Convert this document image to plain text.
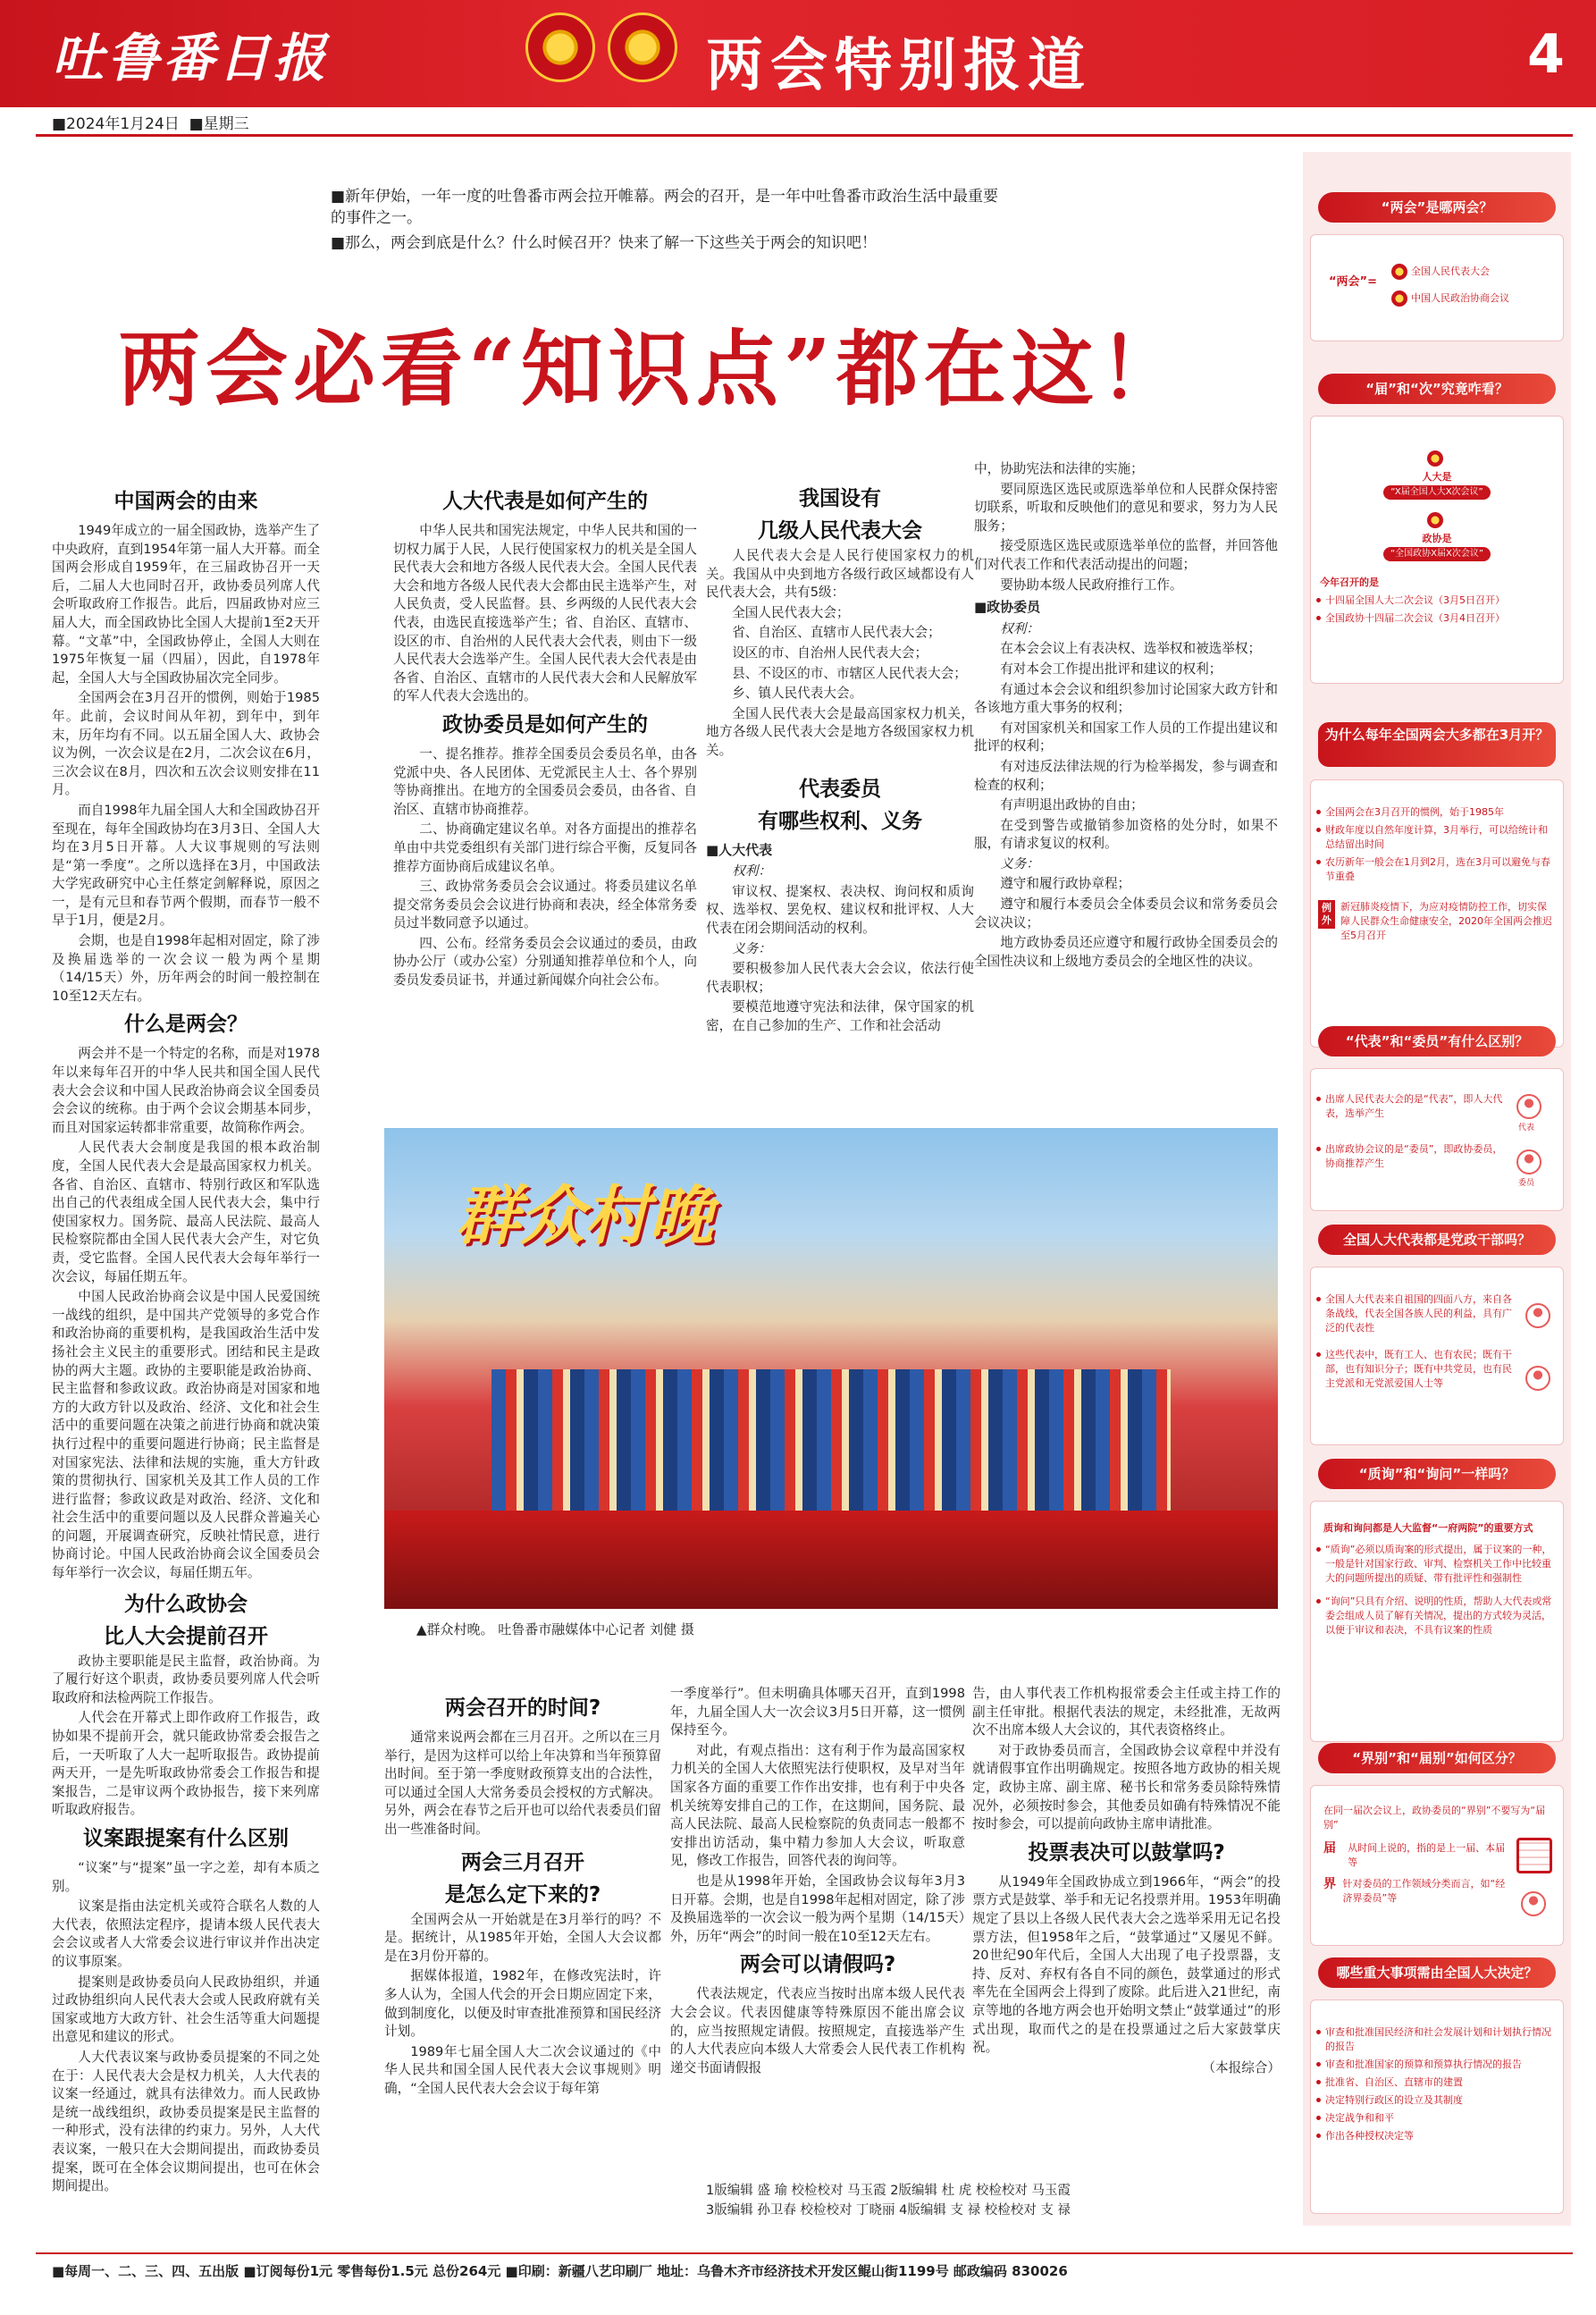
吐鲁番日报	两会特别报道	4
■2024年1月24日 ■星期三

■新年伊始，一年一度的吐鲁番市两会拉开帷幕。两会的召开，是一年中吐鲁番市政治生活中最重要的事件之一。

■那么，两会到底是什么？什么时候召开？快来了解一下这些关于两会的知识吧！

两会必看“知识点”都在这！
中国两会的由来

1949年成立的一届全国政协，选举产生了中央政府，直到1954年第一届人大开幕。而全国两会形成自1959年，在三届政协召开一天后，二届人大也同时召开，政协委员列席人代会听取政府工作报告。此后，四届政协对应三届人大，而全国政协比全国人大提前1至2天开幕。“文革”中，全国政协停止，全国人大则在1975年恢复一届（四届），因此，自1978年起，全国人大与全国政协届次完全同步。

全国两会在3月召开的惯例，则始于1985年。此前，会议时间从年初，到年中，到年末，历年均有不同。以五届全国人大、政协会议为例，一次会议是在2月，二次会议在6月，三次会议在8月，四次和五次会议则安排在11月。

而自1998年九届全国人大和全国政协召开至现在，每年全国政协均在3月3日、全国人大均在3月5日开幕。人大议事规则的写法则是“第一季度”。之所以选择在3月，中国政法大学宪政研究中心主任蔡定剑解释说，原因之一，是有元旦和春节两个假期，而春节一般不早于1月，便是2月。

会期，也是自1998年起相对固定，除了涉及换届选举的一次会议一般为两个星期（14/15天）外，历年两会的时间一般控制在10至12天左右。

什么是两会？

两会并不是一个特定的名称，而是对1978年以来每年召开的中华人民共和国全国人民代表大会会议和中国人民政治协商会议全国委员会会议的统称。由于两个会议会期基本同步，而且对国家运转都非常重要，故简称作两会。

人民代表大会制度是我国的根本政治制度，全国人民代表大会是最高国家权力机关。各省、自治区、直辖市、特别行政区和军队选出自己的代表组成全国人民代表大会，集中行使国家权力。国务院、最高人民法院、最高人民检察院都由全国人民代表大会产生，对它负责，受它监督。全国人民代表大会每年举行一次会议，每届任期五年。

中国人民政治协商会议是中国人民爱国统一战线的组织，是中国共产党领导的多党合作和政治协商的重要机构，是我国政治生活中发扬社会主义民主的重要形式。团结和民主是政协的两大主题。政协的主要职能是政治协商、民主监督和参政议政。政治协商是对国家和地方的大政方针以及政治、经济、文化和社会生活中的重要问题在决策之前进行协商和就决策执行过程中的重要问题进行协商；民主监督是对国家宪法、法律和法规的实施，重大方针政策的贯彻执行、国家机关及其工作人员的工作进行监督；参政议政是对政治、经济、文化和社会生活中的重要问题以及人民群众普遍关心的问题，开展调查研究，反映社情民意，进行协商讨论。中国人民政治协商会议全国委员会每年举行一次会议，每届任期五年。

为什么政协会
比人大会提前召开

政协主要职能是民主监督，政治协商。为了履行好这个职责，政协委员要列席人代会听取政府和法检两院工作报告。

人代会在开幕式上即作政府工作报告，政协如果不提前开会，就只能政协常委会报告之后，一天听取了人大一起听取报告。政协提前两天开，一是先听取政协常委会工作报告和提案报告，二是审议两个政协报告，接下来列席听取政府报告。

议案跟提案有什么区别

“议案”与“提案”虽一字之差，却有本质之别。

议案是指由法定机关或符合联名人数的人大代表，依照法定程序，提请本级人民代表大会会议或者人大常委会议进行审议并作出决定的议事原案。

提案则是政协委员向人民政协组织，并通过政协组织向人民代表大会或人民政府就有关国家或地方大政方针、社会生活等重大问题提出意见和建议的形式。

人大代表议案与政协委员提案的不同之处在于：人民代表大会是权力机关，人大代表的议案一经通过，就具有法律效力。而人民政协是统一战线组织，政协委员提案是民主监督的一种形式，没有法律的约束力。另外，人大代表议案，一般只在大会期间提出，而政协委员提案，既可在全体会议期间提出，也可在休会期间提出。

人大代表是如何产生的

中华人民共和国宪法规定，中华人民共和国的一切权力属于人民，人民行使国家权力的机关是全国人民代表大会和地方各级人民代表大会。全国人民代表大会和地方各级人民代表大会都由民主选举产生，对人民负责，受人民监督。县、乡两级的人民代表大会代表，由选民直接选举产生；省、自治区、直辖市、设区的市、自治州的人民代表大会代表，则由下一级人民代表大会选举产生。全国人民代表大会代表是由各省、自治区、直辖市的人民代表大会和人民解放军的军人代表大会选出的。

政协委员是如何产生的

一、提名推荐。推荐全国委员会委员名单，由各党派中央、各人民团体、无党派民主人士、各个界别等协商推出。在地方的全国委员会委员，由各省、自治区、直辖市协商推荐。

二、协商确定建议名单。对各方面提出的推荐名单由中共党委组织有关部门进行综合平衡，反复同各推荐方面协商后成建议名单。

三、政协常务委员会会议通过。将委员建议名单提交常务委员会会议进行协商和表决，经全体常务委员过半数同意予以通过。

四、公布。经常务委员会会议通过的委员，由政协办公厅（或办公室）分别通知推荐单位和个人，向委员发委员证书，并通过新闻媒介向社会公布。

我国设有
几级人民代表大会

人民代表大会是人民行使国家权力的机关。我国从中央到地方各级行政区域都设有人民代表大会，共有5级：

全国人民代表大会；

省、自治区、直辖市人民代表大会；

设区的市、自治州人民代表大会；

县、不设区的市、市辖区人民代表大会；

乡、镇人民代表大会。

全国人民代表大会是最高国家权力机关，地方各级人民代表大会是地方各级国家权力机关。

代表委员
有哪些权利、义务
■人大代表

权利：

审议权、提案权、表决权、询问权和质询权、选举权、罢免权、建议权和批评权、人大代表在闭会期间活动的权利。

义务：

要积极参加人民代表大会会议，依法行使代表职权；

要模范地遵守宪法和法律，保守国家的机密，在自己参加的生产、工作和社会活动

中，协助宪法和法律的实施；

要同原选区选民或原选举单位和人民群众保持密切联系，听取和反映他们的意见和要求，努力为人民服务；

接受原选区选民或原选举单位的监督，并回答他们对代表工作和代表活动提出的问题；

要协助本级人民政府推行工作。

■政协委员

权利：

在本会会议上有表决权、选举权和被选举权；

有对本会工作提出批评和建议的权利；

有通过本会会议和组织参加讨论国家大政方针和各该地方重大事务的权利；

有对国家机关和国家工作人员的工作提出建议和批评的权利；

有对违反法律法规的行为检举揭发，参与调查和检查的权利；

有声明退出政协的自由；

在受到警告或撤销参加资格的处分时，如果不服，有请求复议的权利。

义务：

遵守和履行政协章程；

遵守和履行本委员会全体委员会议和常务委员会会议决议；

地方政协委员还应遵守和履行政协全国委员会的全国性决议和上级地方委员会的全地区性的决议。

群众村晚
▲群众村晚。 吐鲁番市融媒体中心记者 刘健 摄
两会召开的时间?

通常来说两会都在三月召开。之所以在三月举行，是因为这样可以给上年决算和当年预算留出时间。至于第一季度财政预算支出的合法性，可以通过全国人大常务委员会授权的方式解决。另外，两会在春节之后开也可以给代表委员们留出一些准备时间。

两会三月召开
是怎么定下来的?

全国两会从一开始就是在3月举行的吗？不是。据统计，从1985年开始，全国人大会议都是在3月份开幕的。

据媒体报道，1982年，在修改宪法时，许多人认为，全国人代会的开会日期应固定下来，做到制度化，以便及时审查批准预算和国民经济计划。

1989年七届全国人大二次会议通过的《中华人民共和国全国人民代表大会议事规则》明确，“全国人民代表大会会议于每年第

一季度举行”。但未明确具体哪天召开，直到1998年，九届全国人大一次会议3月5日开幕，这一惯例保持至今。

对此，有观点指出：这有利于作为最高国家权力机关的全国人大依照宪法行使职权，及早对当年国家各方面的重要工作作出安排，也有利于中央各机关统筹安排自己的工作，在这期间，国务院、最高人民法院、最高人民检察院的负责同志一般都不安排出访活动，集中精力参加人大会议，听取意见，修改工作报告，回答代表的询问等。

也是从1998年开始，全国政协会议每年3月3日开幕。会期，也是自1998年起相对固定，除了涉及换届选举的一次会议一般为两个星期（14/15天）外，历年“两会”的时间一般在10至12天左右。

两会可以请假吗?

代表法规定，代表应当按时出席本级人民代表大会会议。代表因健康等特殊原因不能出席会议的，应当按照规定请假。按照规定，直接选举产生的人大代表应向本级人大常委会人民代表工作机构递交书面请假报

告，由人事代表工作机构报常委会主任或主持工作的副主任审批。根据代表法的规定，未经批准，无故两次不出席本级人大会议的，其代表资格终止。

对于政协委员而言，全国政协会议章程中并没有就请假事宜作出明确规定。按照各地方政协的相关规定，政协主席、副主席、秘书长和常务委员除特殊情况外，必须按时参会，其他委员如确有特殊情况不能按时参会，可以提前向政协主席申请批准。

投票表决可以鼓掌吗?

从1949年全国政协成立到1966年，“两会”的投票方式是鼓掌、举手和无记名投票并用。1953年明确规定了县以上各级人民代表大会之选举采用无记名投票方法，但1958年之后，“鼓掌通过”又屡见不鲜。20世纪90年代后，全国人大出现了电子投票器，支持、反对、弃权有各自不同的颜色，鼓掌通过的形式率先在全国两会上得到了废除。此后进入21世纪，南京等地的各地方两会也开始明文禁止“鼓掌通过”的形式出现，取而代之的是在投票通过之后大家鼓掌庆祝。

（本报综合）

1版编辑 盛 瑜 校检校对 马玉霞 2版编辑 杜 虎 校检校对 马玉霞
3版编辑 孙卫春 校检校对 丁晓丽 4版编辑 支 禄 校检校对 支 禄
■每周一、二、三、四、五出版 ■订阅每份1元 零售每份1.5元 总份264元 ■印刷：新疆八艺印刷厂 地址：乌鲁木齐市经济技术开发区鲲山街1199号 邮政编码 830026
“两会”是哪两会？
“两会”=
全国人民代表大会
中国人民政治协商会议
“届”和“次”究竟咋看？
人大是
“X届全国人大X次会议”
政协是
“全国政协X届X次会议”
今年召开的是
十四届全国人大二次会议（3月5日召开）
全国政协十四届二次会议（3月4日召开）
为什么每年全国两会大多都在3月开？
全国两会在3月召开的惯例，始于1985年
财政年度以自然年度计算，3月举行，可以给统计和总结留出时间
农历新年一般会在1月到2月，选在3月可以避免与春节重叠
例外
新冠肺炎疫情下，为应对疫情防控工作，切实保障人民群众生命健康安全，2020年全国两会推迟至5月召开
“代表”和“委员”有什么区别？
出席人民代表大会的是“代表”，即人大代表，选举产生
出席政协会议的是“委员”，即政协委员，协商推荐产生
代表
委员
全国人大代表都是党政干部吗？
全国人大代表来自祖国的四面八方，来自各条战线，代表全国各族人民的利益，具有广泛的代表性
这些代表中，既有工人、也有农民；既有干部，也有知识分子；既有中共党员，也有民主党派和无党派爱国人士等
“质询”和“询问”一样吗？
质询和询问都是人大监督“一府两院”的重要方式
“质询”必须以质询案的形式提出，属于议案的一种，一般是针对国家行政、审判、检察机关工作中比较重大的问题所提出的质疑、带有批评性和强制性
“询问”只具有介绍、说明的性质，帮助人大代表或常委会组成人员了解有关情况，提出的方式较为灵活，以便于审议和表决，不具有议案的性质
“界别”和“届别”如何区分？
在同一届次会议上，政协委员的“界别”不要写为“届别”
届	从时间上说的，指的是上一届、本届等
界 针对委员的工作领域分类而言，如“经济界委员”等
哪些重大事项需由全国人大决定？
审查和批准国民经济和社会发展计划和计划执行情况的报告
审查和批准国家的预算和预算执行情况的报告
批准省、自治区、直辖市的建置
决定特别行政区的设立及其制度
决定战争和和平
作出各种授权决定等
